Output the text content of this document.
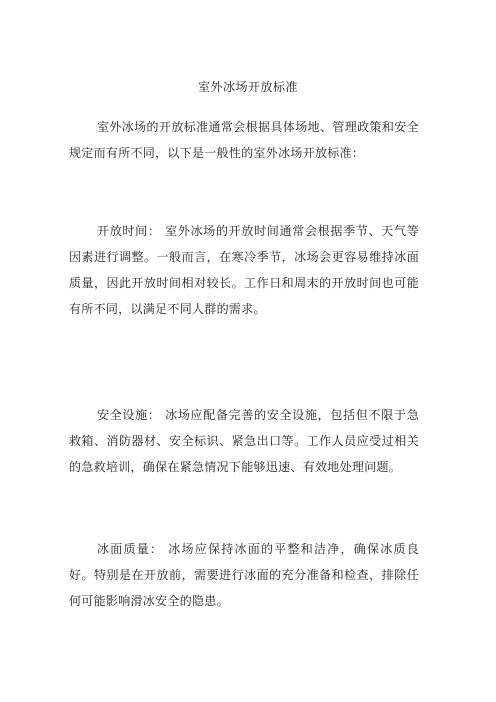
室外冰场开放标准

室外冰场的开放标准通常会根据具体场地、管理政策和安全规定而有所不同，以下是一般性的室外冰场开放标准：

开放时间： 室外冰场的开放时间通常会根据季节、天气等因素进行调整。一般而言，在寒冷季节，冰场会更容易维持冰面质量，因此开放时间相对较长。工作日和周末的开放时间也可能有所不同，以满足不同人群的需求。

安全设施： 冰场应配备完善的安全设施，包括但不限于急救箱、消防器材、安全标识、紧急出口等。工作人员应受过相关的急救培训，确保在紧急情况下能够迅速、有效地处理问题。

冰面质量： 冰场应保持冰面的平整和洁净，确保冰质良好。特别是在开放前，需要进行冰面的充分准备和检查，排除任何可能影响滑冰安全的隐患。
